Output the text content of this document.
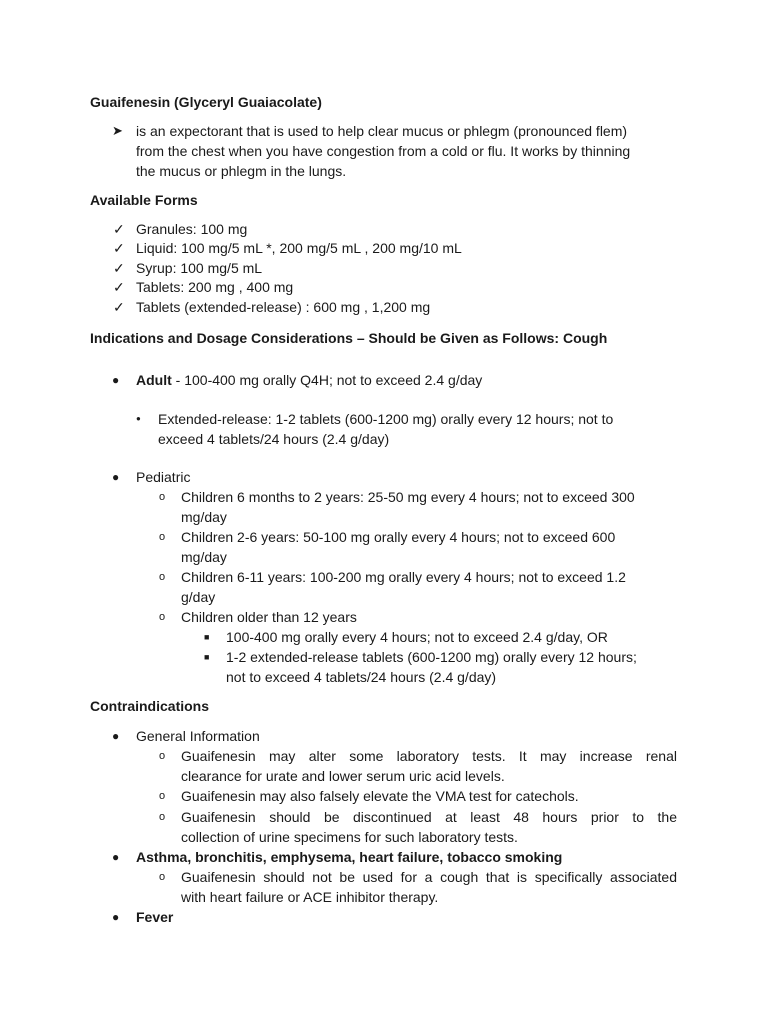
Guaifenesin (Glyceryl Guaiacolate)
➤ is an expectorant that is used to help clear mucus or phlegm (pronounced flem)
from the chest when you have congestion from a cold or flu. It works by thinning
the mucus or phlegm in the lungs.
Available Forms
✓ Granules: 100 mg
✓ Liquid: 100 mg/5 mL *, 200 mg/5 mL , 200 mg/10 mL
✓ Syrup: 100 mg/5 mL
✓ Tablets: 200 mg , 400 mg
✓ Tablets (extended-release) : 600 mg , 1,200 mg
Indications and Dosage Considerations – Should be Given as Follows: Cough
● Adult - 100-400 mg orally Q4H; not to exceed 2.4 g/day
● Extended-release: 1-2 tablets (600-1200 mg) orally every 12 hours; not to
exceed 4 tablets/24 hours (2.4 g/day)
● Pediatric
o Children 6 months to 2 years: 25-50 mg every 4 hours; not to exceed 300
mg/day
o Children 2-6 years: 50-100 mg orally every 4 hours; not to exceed 600
mg/day
o Children 6-11 years: 100-200 mg orally every 4 hours; not to exceed 1.2
g/day
o Children older than 12 years
■ 100-400 mg orally every 4 hours; not to exceed 2.4 g/day, OR
■ 1-2 extended-release tablets (600-1200 mg) orally every 12 hours;
not to exceed 4 tablets/24 hours (2.4 g/day)
Contraindications
● General Information
o Guaifenesin may alter some laboratory tests. It may increase renal
clearance for urate and lower serum uric acid levels.
o Guaifenesin may also falsely elevate the VMA test for catechols.
o Guaifenesin should be discontinued at least 48 hours prior to the
collection of urine specimens for such laboratory tests.
● Asthma, bronchitis, emphysema, heart failure, tobacco smoking
o Guaifenesin should not be used for a cough that is specifically associated
with heart failure or ACE inhibitor therapy.
● Fever
